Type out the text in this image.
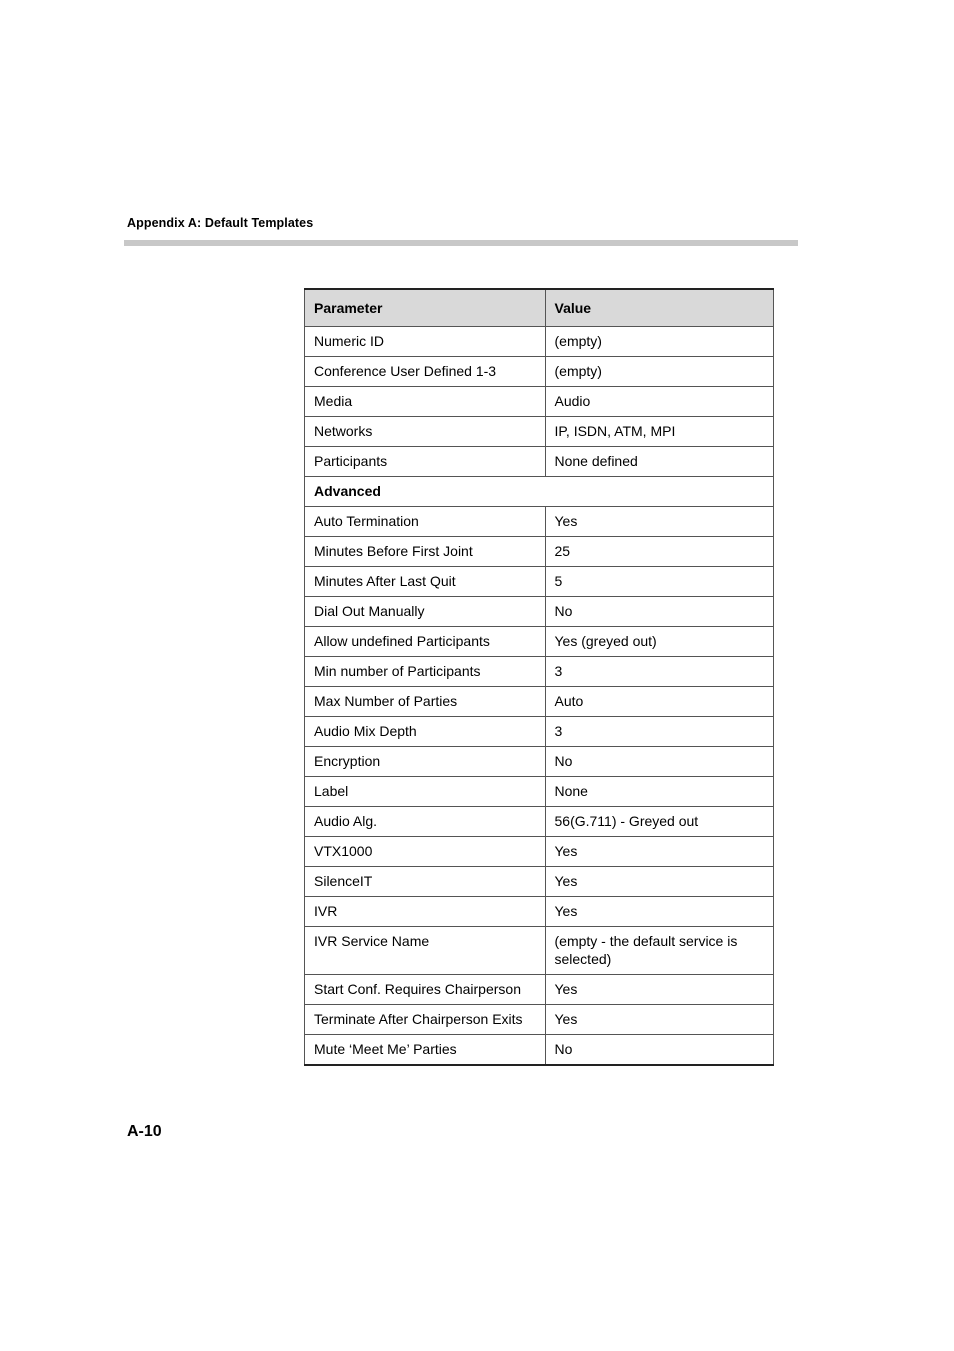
Appendix A: Default Templates
Parameter	Value
Numeric ID	(empty)
Conference User Defined 1-3	(empty)
Media	Audio
Networks	IP, ISDN, ATM, MPI
Participants	None defined
Advanced	
Auto Termination	Yes
Minutes Before First Joint	25
Minutes After Last Quit	5
Dial Out Manually	No
Allow undefined Participants	Yes (greyed out)
Min number of Participants	3
Max Number of Parties	Auto
Audio Mix Depth	3
Encryption	No
Label	None
Audio Alg.	56(G.711) - Greyed out
VTX1000	Yes
SilenceIT	Yes
IVR	Yes
IVR Service Name	(empty - the default service is selected)
Start Conf. Requires Chairperson	Yes
Terminate After Chairperson Exits	Yes
Mute ‘Meet Me’ Parties	No
A-10
